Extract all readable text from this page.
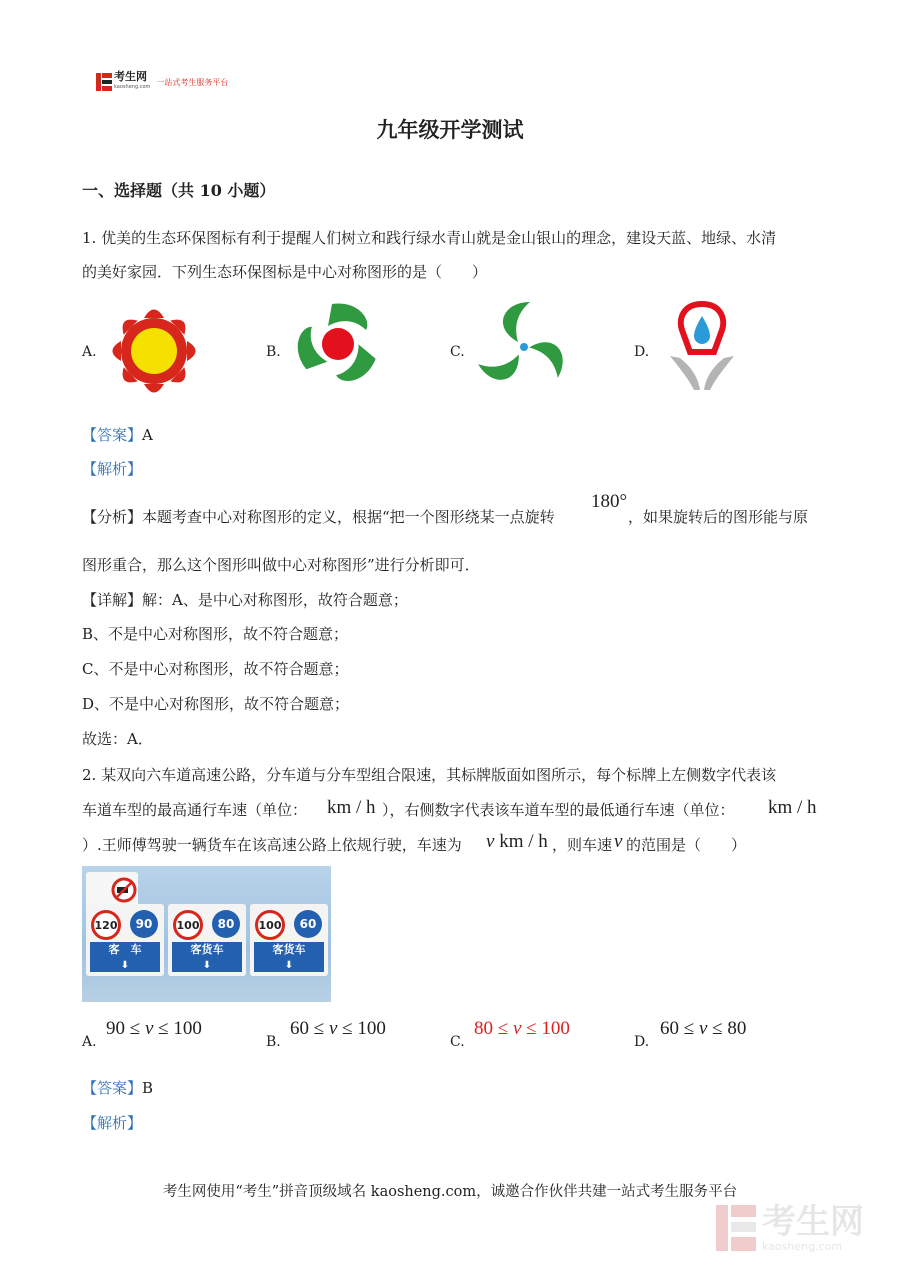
考生网
kaosheng.com
一站式考生服务平台
九年级开学测试
一、选择题（共 10 小题）
1. 优美的生态环保图标有利于提醒人们树立和践行绿水青山就是金山银山的理念，建设天蓝、地绿、水清
的美好家园．下列生态环保图标是中心对称图形的是（　　）
A.	B.	C.	D.
【答案】A
【解析】
【分析】本题考查中心对称图形的定义，根据“把一个图形绕某一点旋转
180°
，如果旋转后的图形能与原
图形重合，那么这个图形叫做中心对称图形”进行分析即可．
【详解】解：A、是中心对称图形，故符合题意；
B、不是中心对称图形，故不符合题意；
C、不是中心对称图形，故不符合题意；
D、不是中心对称图形，故不符合题意；
故选：A．
2. 某双向六车道高速公路，分车道与分车型组合限速，其标牌版面如图所示，每个标牌上左侧数字代表该
车道车型的最高通行车速（单位： km / h ），右侧数字代表该车道车型的最低通行车速（单位： km / h
）.王师傅驾驶一辆货车在该高速公路上依规行驶，车速为 v km / h ，则车速 v 的范围是（　　）
120	90
客　车
⬇
100	80
客货车
⬇
100	60
客货车
⬇
A.
90 ≤ v ≤ 100
B.
60 ≤ v ≤ 100
C.
80 ≤ v ≤ 100
D.
60 ≤ v ≤ 80
【答案】B
【解析】
考生网使用“考生”拼音顶级域名 kaosheng.com，诚邀合作伙伴共建一站式考生服务平台
考生网
kaosheng.com
